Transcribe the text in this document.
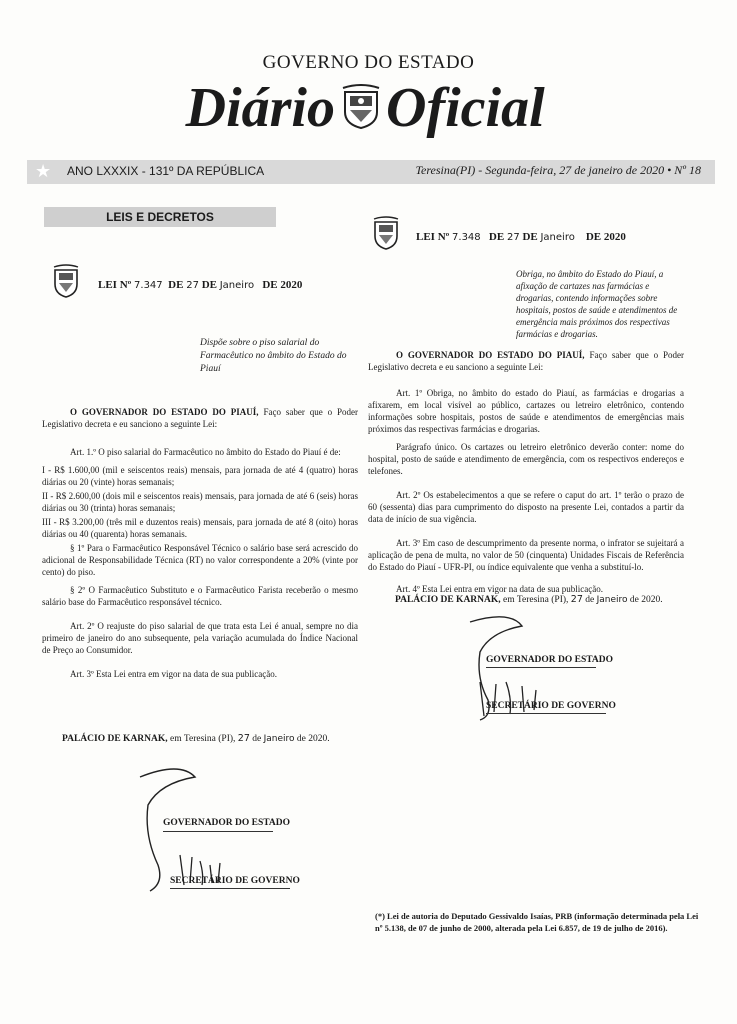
GOVERNO DO ESTADO
Diário Oficial
★ ANO LXXXIX - 131º DA REPÚBLICA	Teresina(PI) - Segunda-feira, 27 de janeiro de 2020 • Nº 18
LEIS E DECRETOS
LEI Nº 7.347 DE 27 DE Janeiro DE 2020
Dispõe sobre o piso salarial do Farmacêutico no âmbito do Estado do Piauí

O GOVERNADOR DO ESTADO DO PIAUÍ, Faço saber que o Poder Legislativo decreta e eu sanciono a seguinte Lei:

Art. 1.º O piso salarial do Farmacêutico no âmbito do Estado do Piauí é de:

I - R$ 1.600,00 (mil e seiscentos reais) mensais, para jornada de até 4 (quatro) horas diárias ou 20 (vinte) horas semanais;

II - R$ 2.600,00 (dois mil e seiscentos reais) mensais, para jornada de até 6 (seis) horas diárias ou 30 (trinta) horas semanais;

III - R$ 3.200,00 (três mil e duzentos reais) mensais, para jornada de até 8 (oito) horas diárias ou 40 (quarenta) horas semanais.

§ 1º Para o Farmacêutico Responsável Técnico o salário base será acrescido do adicional de Responsabilidade Técnica (RT) no valor correspondente a 20% (vinte por cento) do piso.

§ 2º O Farmacêutico Substituto e o Farmacêutico Farista receberão o mesmo salário base do Farmacêutico responsável técnico.

Art. 2º O reajuste do piso salarial de que trata esta Lei é anual, sempre no dia primeiro de janeiro do ano subsequente, pela variação acumulada do Índice Nacional de Preço ao Consumidor.

Art. 3º Esta Lei entra em vigor na data de sua publicação.

PALÁCIO DE KARNAK, em Teresina (PI), 27 de Janeiro de 2020.
GOVERNADOR DO ESTADO
SECRETÁRIO DE GOVERNO
LEI Nº 7.348 DE 27 DE Janeiro DE 2020
Obriga, no âmbito do Estado do Piauí, a afixação de cartazes nas farmácias e drogarias, contendo informações sobre hospitais, postos de saúde e atendimentos de emergência mais próximos dos respectivas farmácias e drogarias.

O GOVERNADOR DO ESTADO DO PIAUÍ, Faço saber que o Poder Legislativo decreta e eu sanciono a seguinte Lei:

Art. 1º Obriga, no âmbito do estado do Piauí, as farmácias e drogarias a afixarem, em local visível ao público, cartazes ou letreiro eletrônico, contendo informações sobre hospitais, postos de saúde e atendimentos de emergências mais próximos das respectivas farmácias e drogarias.

Parágrafo único. Os cartazes ou letreiro eletrônico deverão conter: nome do hospital, posto de saúde e atendimento de emergência, com os respectivos endereços e telefones.

Art. 2º Os estabelecimentos a que se refere o caput do art. 1º terão o prazo de 60 (sessenta) dias para cumprimento do disposto na presente Lei, contados a partir da data de início de sua vigência.

Art. 3º Em caso de descumprimento da presente norma, o infrator se sujeitará a aplicação de pena de multa, no valor de 50 (cinquenta) Unidades Fiscais de Referência do Estado do Piauí - UFR-PI, ou índice equivalente que venha a substituí-lo.

Art. 4º Esta Lei entra em vigor na data de sua publicação.

PALÁCIO DE KARNAK, em Teresina (PI), 27 de Janeiro de 2020.
GOVERNADOR DO ESTADO
SECRETÁRIO DE GOVERNO
(*) Lei de autoria do Deputado Gessivaldo Isaías, PRB (informação determinada pela Lei nº 5.138, de 07 de junho de 2000, alterada pela Lei 6.857, de 19 de julho de 2016).
